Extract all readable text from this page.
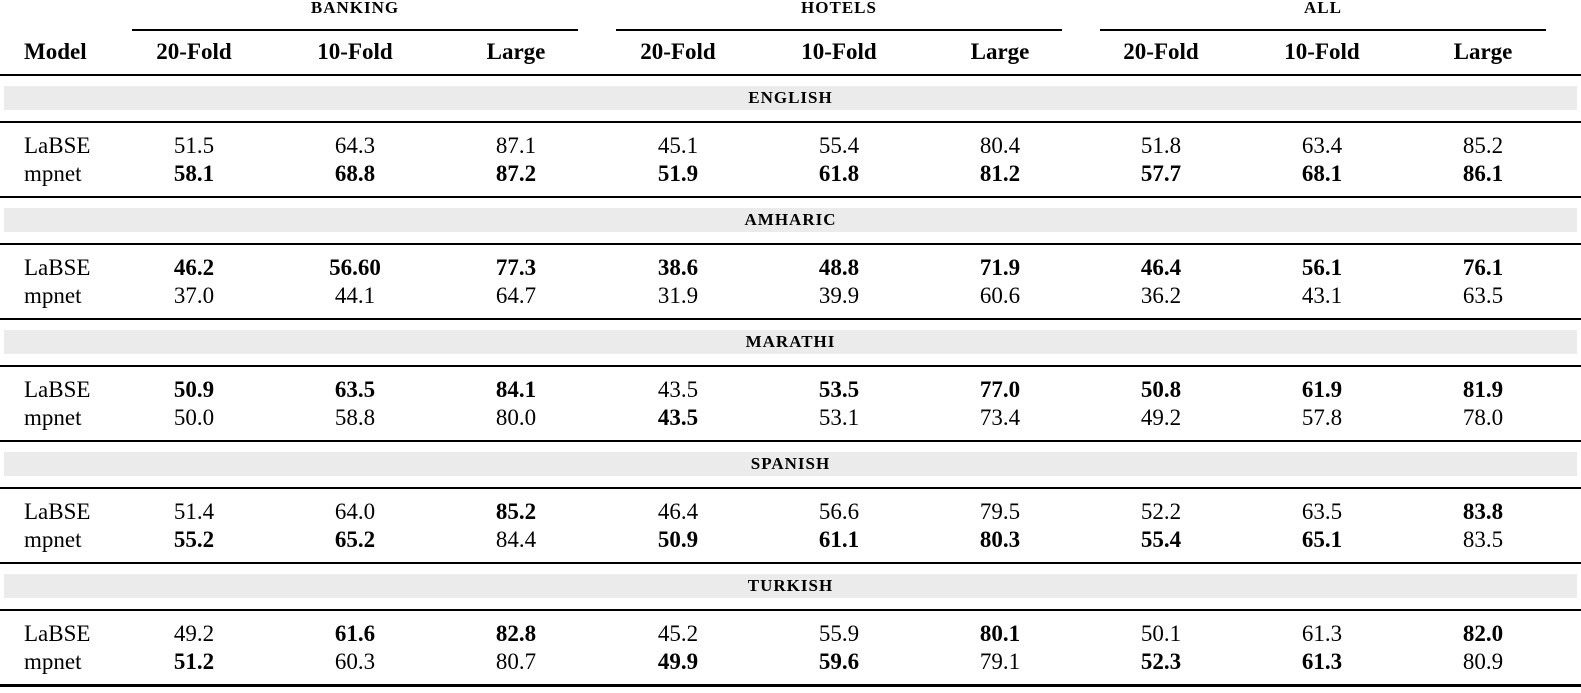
BANKING	HOTELS	ALL
Model	20-Fold	10-Fold	Large	20-Fold	10-Fold	Large	20-Fold	10-Fold	Large
ENGLISH
LaBSE	51.5	64.3	87.1	45.1	55.4	80.4	51.8	63.4	85.2
mpnet	58.1	68.8	87.2	51.9	61.8	81.2	57.7	68.1	86.1
AMHARIC
LaBSE	46.2	56.60	77.3	38.6	48.8	71.9	46.4	56.1	76.1
mpnet	37.0	44.1	64.7	31.9	39.9	60.6	36.2	43.1	63.5
MARATHI
LaBSE	50.9	63.5	84.1	43.5	53.5	77.0	50.8	61.9	81.9
mpnet	50.0	58.8	80.0	43.5	53.1	73.4	49.2	57.8	78.0
SPANISH
LaBSE	51.4	64.0	85.2	46.4	56.6	79.5	52.2	63.5	83.8
mpnet	55.2	65.2	84.4	50.9	61.1	80.3	55.4	65.1	83.5
TURKISH
LaBSE	49.2	61.6	82.8	45.2	55.9	80.1	50.1	61.3	82.0
mpnet	51.2	60.3	80.7	49.9	59.6	79.1	52.3	61.3	80.9
